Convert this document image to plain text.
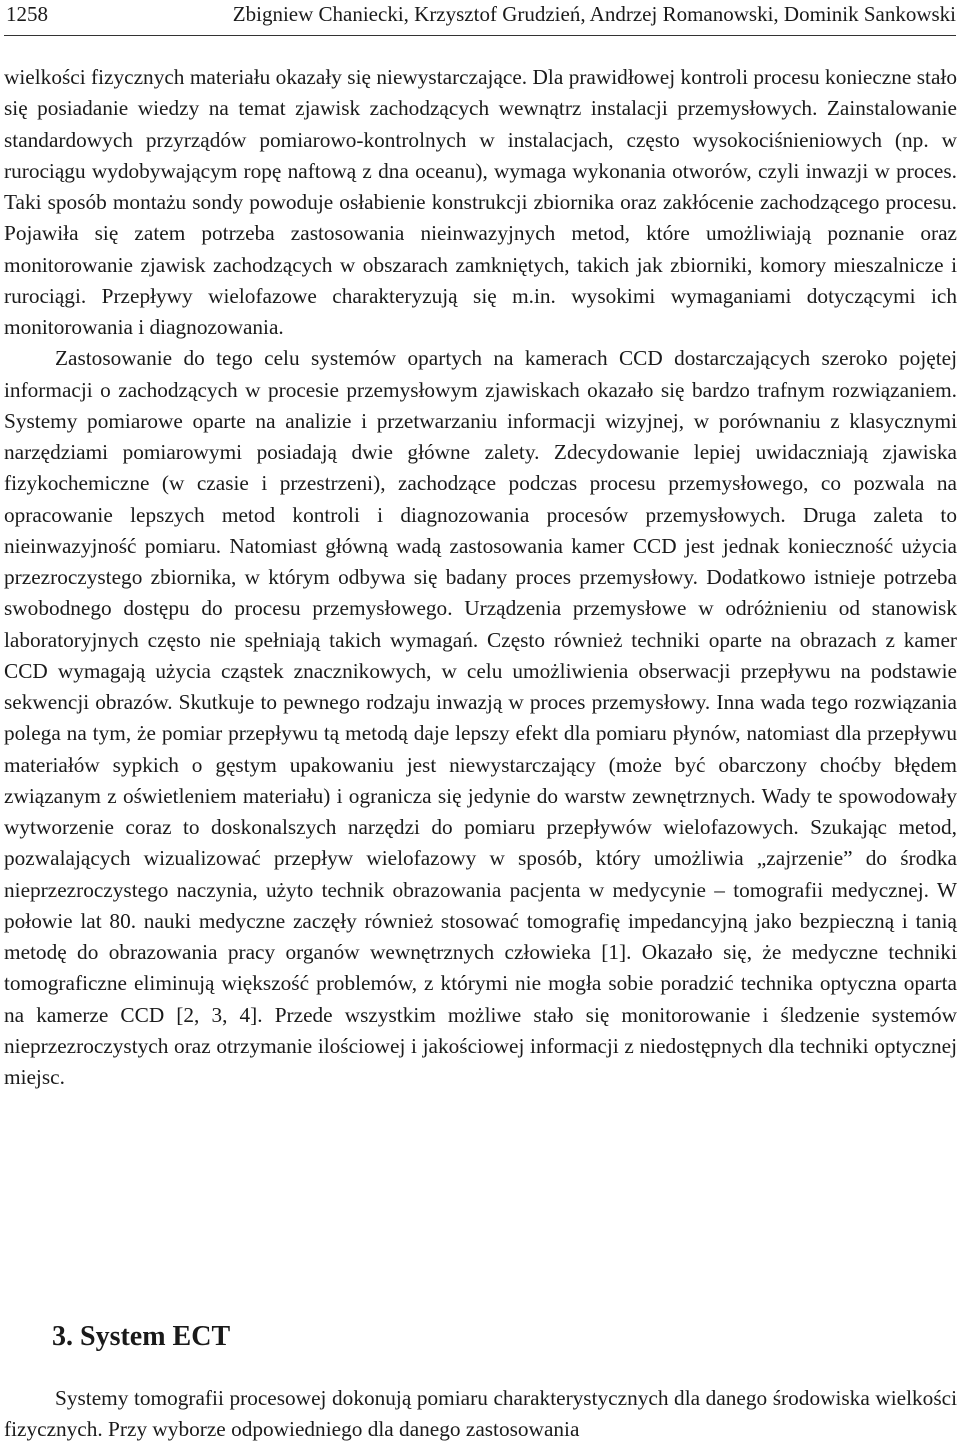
1258	Zbigniew Chaniecki, Krzysztof Grudzień, Andrzej Romanowski, Dominik Sankowski

wielkości fizycznych materiału okazały się niewystarczające. Dla prawidłowej kontroli procesu konieczne stało się posiadanie wiedzy na temat zjawisk zachodzących wewnątrz instalacji przemysłowych. Zainstalowanie standardowych przyrządów pomiarowo-kontrolnych w instalacjach, często wysokociśnieniowych (np. w rurociągu wydobywającym ropę naftową z dna oceanu), wymaga wykonania otworów, czyli inwazji w proces. Taki sposób montażu sondy powoduje osłabienie konstrukcji zbiornika oraz zakłócenie zachodzącego procesu. Pojawiła się zatem potrzeba zastosowania nieinwazyjnych metod, które umożliwiają poznanie oraz monitorowanie zjawisk zachodzących w obszarach zamkniętych, takich jak zbiorniki, komory mieszalnicze i rurociągi. Przepływy wielofazowe charakteryzują się m.in. wysokimi wymaganiami dotyczącymi ich monitorowania i diagnozowania.

Zastosowanie do tego celu systemów opartych na kamerach CCD dostarczających szeroko pojętej informacji o zachodzących w procesie przemysłowym zjawiskach okazało się bardzo trafnym rozwiązaniem. Systemy pomiarowe oparte na analizie i przetwarzaniu informacji wizyjnej, w porównaniu z klasycznymi narzędziami pomiarowymi posiadają dwie główne zalety. Zdecydowanie lepiej uwidaczniają zjawiska fizykochemiczne (w czasie i przestrzeni), zachodzące podczas procesu przemysłowego, co pozwala na opracowanie lepszych metod kontroli i diagnozowania procesów przemysłowych. Druga zaleta to nieinwazyjność pomiaru. Natomiast główną wadą zastosowania kamer CCD jest jednak konieczność użycia przezroczystego zbiornika, w którym odbywa się badany proces przemysłowy. Dodatkowo istnieje potrzeba swobodnego dostępu do procesu przemysłowego. Urządzenia przemysłowe w odróżnieniu od stanowisk laboratoryjnych często nie spełniają takich wymagań. Często również techniki oparte na obrazach z kamer CCD wymagają użycia cząstek znacznikowych, w celu umożliwienia obserwacji przepływu na podstawie sekwencji obrazów. Skutkuje to pewnego rodzaju inwazją w proces przemysłowy. Inna wada tego rozwiązania polega na tym, że pomiar przepływu tą metodą daje lepszy efekt dla pomiaru płynów, natomiast dla przepływu materiałów sypkich o gęstym upakowaniu jest niewystarczający (może być obarczony choćby błędem związanym z oświetleniem materiału) i ogranicza się jedynie do warstw zewnętrznych. Wady te spowodowały wytworzenie coraz to doskonalszych narzędzi do pomiaru przepływów wielofazowych. Szukając metod, pozwalających wizualizować przepływ wielofazowy w sposób, który umożliwia „zajrzenie” do środka nieprzezroczystego naczynia, użyto technik obrazowania pacjenta w medycynie – tomografii medycznej. W połowie lat 80. nauki medyczne zaczęły również stosować tomografię impedancyjną jako bezpieczną i tanią metodę do obrazowania pracy organów wewnętrznych człowieka [1]. Okazało się, że medyczne techniki tomograficzne eliminują większość problemów, z którymi nie mogła sobie poradzić technika optyczna oparta na kamerze CCD [2, 3, 4]. Przede wszystkim możliwe stało się monitorowanie i śledzenie systemów nieprzezroczystych oraz otrzymanie ilościowej i jakościowej informacji z niedostępnych dla techniki optycznej miejsc.

3. System ECT

Systemy tomografii procesowej dokonują pomiaru charakterystycznych dla danego środowiska wielkości fizycznych. Przy wyborze odpowiedniego dla danego zastosowania
